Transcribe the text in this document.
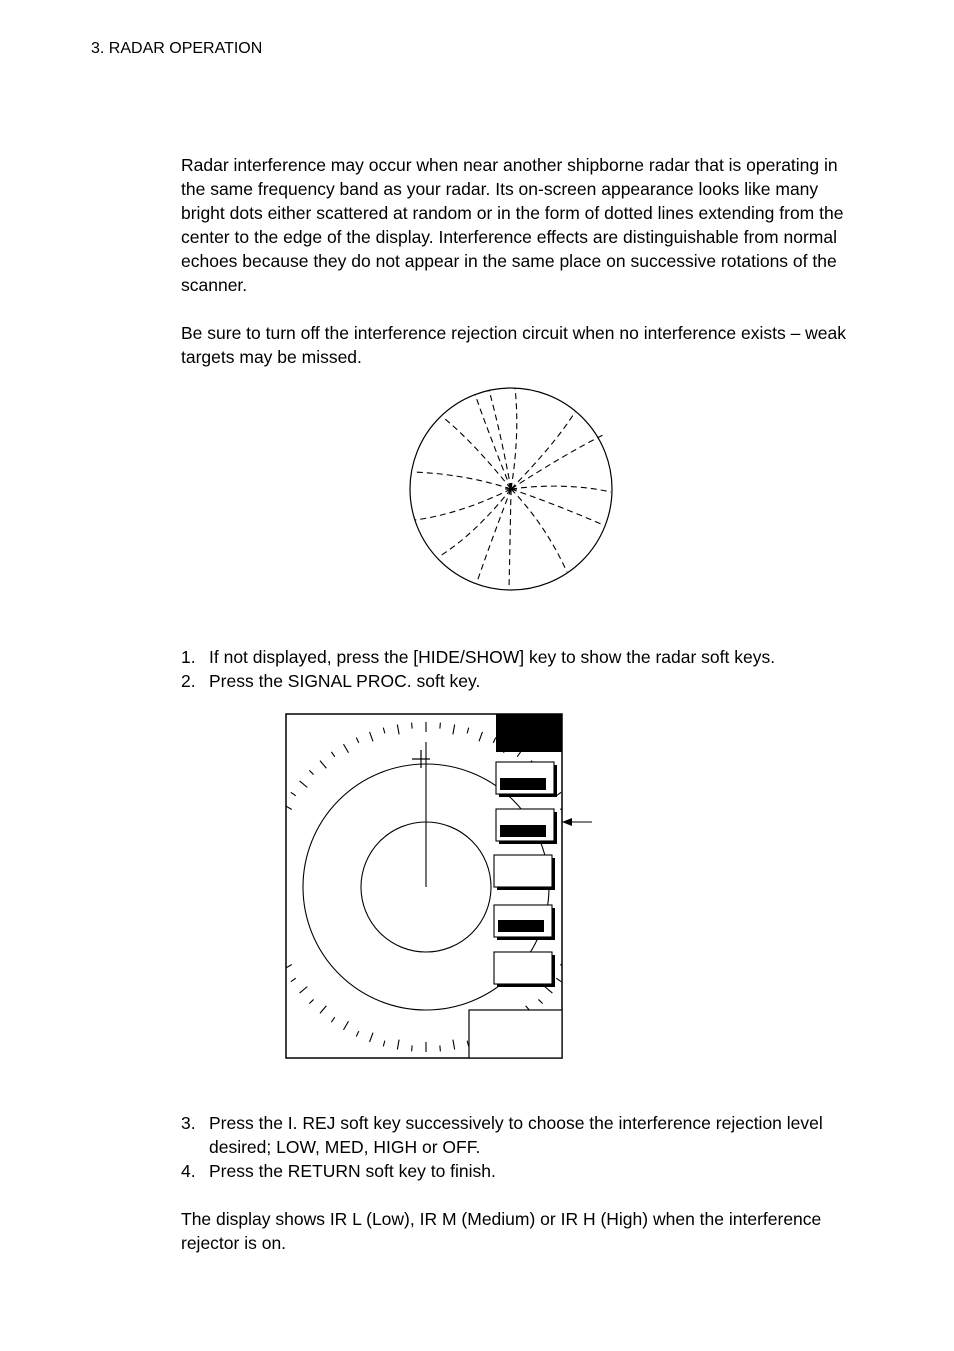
3. RADAR OPERATION

Radar interference may occur when near another shipborne radar that is operating in the same frequency band as your radar. Its on-screen appearance looks like many bright dots either scattered at random or in the form of dotted lines extending from the center to the edge of the display. Interference effects are distinguishable from normal echoes because they do not appear in the same place on successive rotations of the scanner.

Be sure to turn off the interference rejection circuit when no interference exists – weak targets may be missed.

1. If not displayed, press the [HIDE/SHOW] key to show the radar soft keys.
2. Press the SIGNAL PROC. soft key.
3. Press the I. REJ soft key successively to choose the interference rejection level desired; LOW, MED, HIGH or OFF.
4. Press the RETURN soft key to finish.

The display shows IR L (Low), IR M (Medium) or IR H (High) when the interference rejector is on.
